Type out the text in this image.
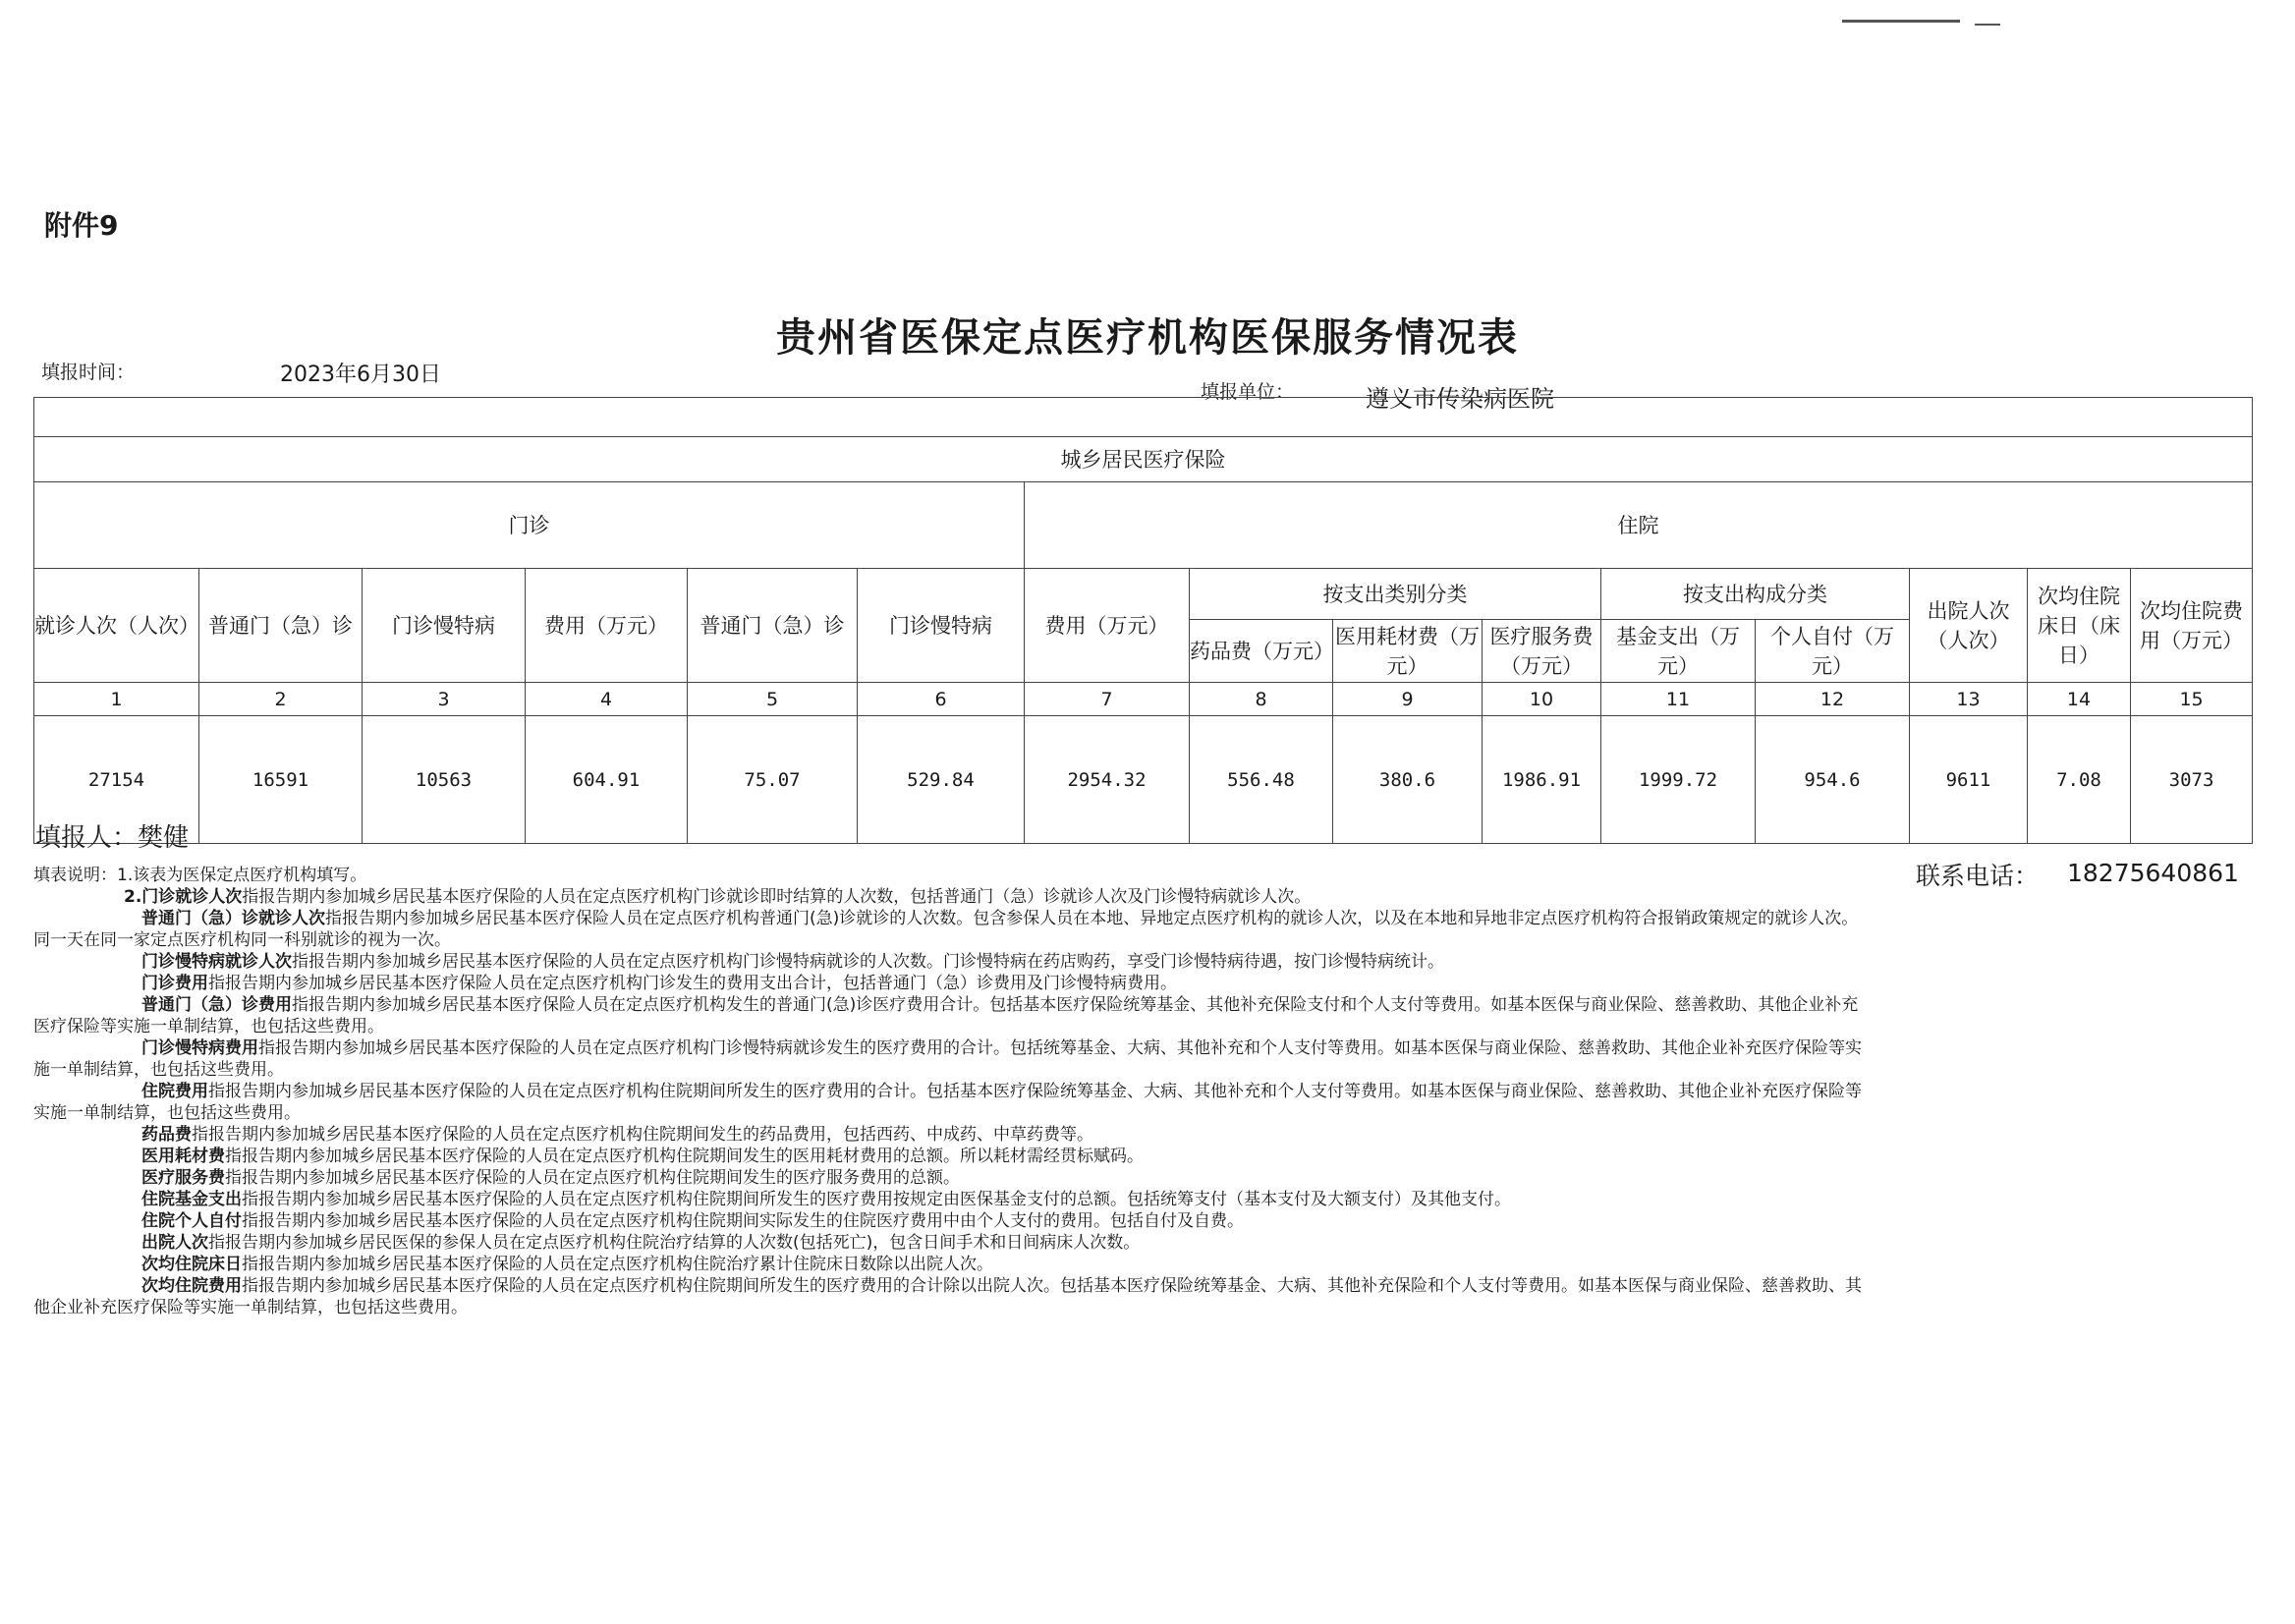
附件9
贵州省医保定点医疗机构医保服务情况表
填报时间：	2023年6月30日
填报单位：	遵义市传染病医院

城乡居民医疗保险														
门诊						住院								
就诊人次（人次）	普通门（急）诊	门诊慢特病	费用（万元）	普通门（急）诊	门诊慢特病	费用（万元）	按支出类别分类			按支出构成分类		出院人次（人次）	次均住院床日（床日）	次均住院费用（万元）
							药品费（万元）	医用耗材费（万元）	医疗服务费（万元）	基金支出（万元）	个人自付（万元）			
1	2	3	4	5	6	7	8	9	10	11	12	13	14	15
27154	16591	10563	604.91	75.07	529.84	2954.32	556.48	380.6	1986.91	1999.72	954.6	9611	7.08	3073
填报人：樊健
联系电话： 18275640861
填表说明：1.该表为医保定点医疗机构填写。
2.门诊就诊人次指报告期内参加城乡居民基本医疗保险的人员在定点医疗机构门诊就诊即时结算的人次数，包括普通门（急）诊就诊人次及门诊慢特病就诊人次。
普通门（急）诊就诊人次指报告期内参加城乡居民基本医疗保险人员在定点医疗机构普通门(急)诊就诊的人次数。包含参保人员在本地、异地定点医疗机构的就诊人次，以及在本地和异地非定点医疗机构符合报销政策规定的就诊人次。
同一天在同一家定点医疗机构同一科别就诊的视为一次。
门诊慢特病就诊人次指报告期内参加城乡居民基本医疗保险的人员在定点医疗机构门诊慢特病就诊的人次数。门诊慢特病在药店购药，享受门诊慢特病待遇，按门诊慢特病统计。
门诊费用指报告期内参加城乡居民基本医疗保险人员在定点医疗机构门诊发生的费用支出合计，包括普通门（急）诊费用及门诊慢特病费用。
普通门（急）诊费用指报告期内参加城乡居民基本医疗保险人员在定点医疗机构发生的普通门(急)诊医疗费用合计。包括基本医疗保险统筹基金、其他补充保险支付和个人支付等费用。如基本医保与商业保险、慈善救助、其他企业补充
医疗保险等实施一单制结算，也包括这些费用。
门诊慢特病费用指报告期内参加城乡居民基本医疗保险的人员在定点医疗机构门诊慢特病就诊发生的医疗费用的合计。包括统筹基金、大病、其他补充和个人支付等费用。如基本医保与商业保险、慈善救助、其他企业补充医疗保险等实
施一单制结算，也包括这些费用。
住院费用指报告期内参加城乡居民基本医疗保险的人员在定点医疗机构住院期间所发生的医疗费用的合计。包括基本医疗保险统筹基金、大病、其他补充和个人支付等费用。如基本医保与商业保险、慈善救助、其他企业补充医疗保险等
实施一单制结算，也包括这些费用。
药品费指报告期内参加城乡居民基本医疗保险的人员在定点医疗机构住院期间发生的药品费用，包括西药、中成药、中草药费等。
医用耗材费指报告期内参加城乡居民基本医疗保险的人员在定点医疗机构住院期间发生的医用耗材费用的总额。所以耗材需经贯标赋码。
医疗服务费指报告期内参加城乡居民基本医疗保险的人员在定点医疗机构住院期间发生的医疗服务费用的总额。
住院基金支出指报告期内参加城乡居民基本医疗保险的人员在定点医疗机构住院期间所发生的医疗费用按规定由医保基金支付的总额。包括统筹支付（基本支付及大额支付）及其他支付。
住院个人自付指报告期内参加城乡居民基本医疗保险的人员在定点医疗机构住院期间实际发生的住院医疗费用中由个人支付的费用。包括自付及自费。
出院人次指报告期内参加城乡居民医保的参保人员在定点医疗机构住院治疗结算的人次数(包括死亡)，包含日间手术和日间病床人次数。
次均住院床日指报告期内参加城乡居民基本医疗保险的人员在定点医疗机构住院治疗累计住院床日数除以出院人次。
次均住院费用指报告期内参加城乡居民基本医疗保险的人员在定点医疗机构住院期间所发生的医疗费用的合计除以出院人次。包括基本医疗保险统筹基金、大病、其他补充保险和个人支付等费用。如基本医保与商业保险、慈善救助、其
他企业补充医疗保险等实施一单制结算，也包括这些费用。
